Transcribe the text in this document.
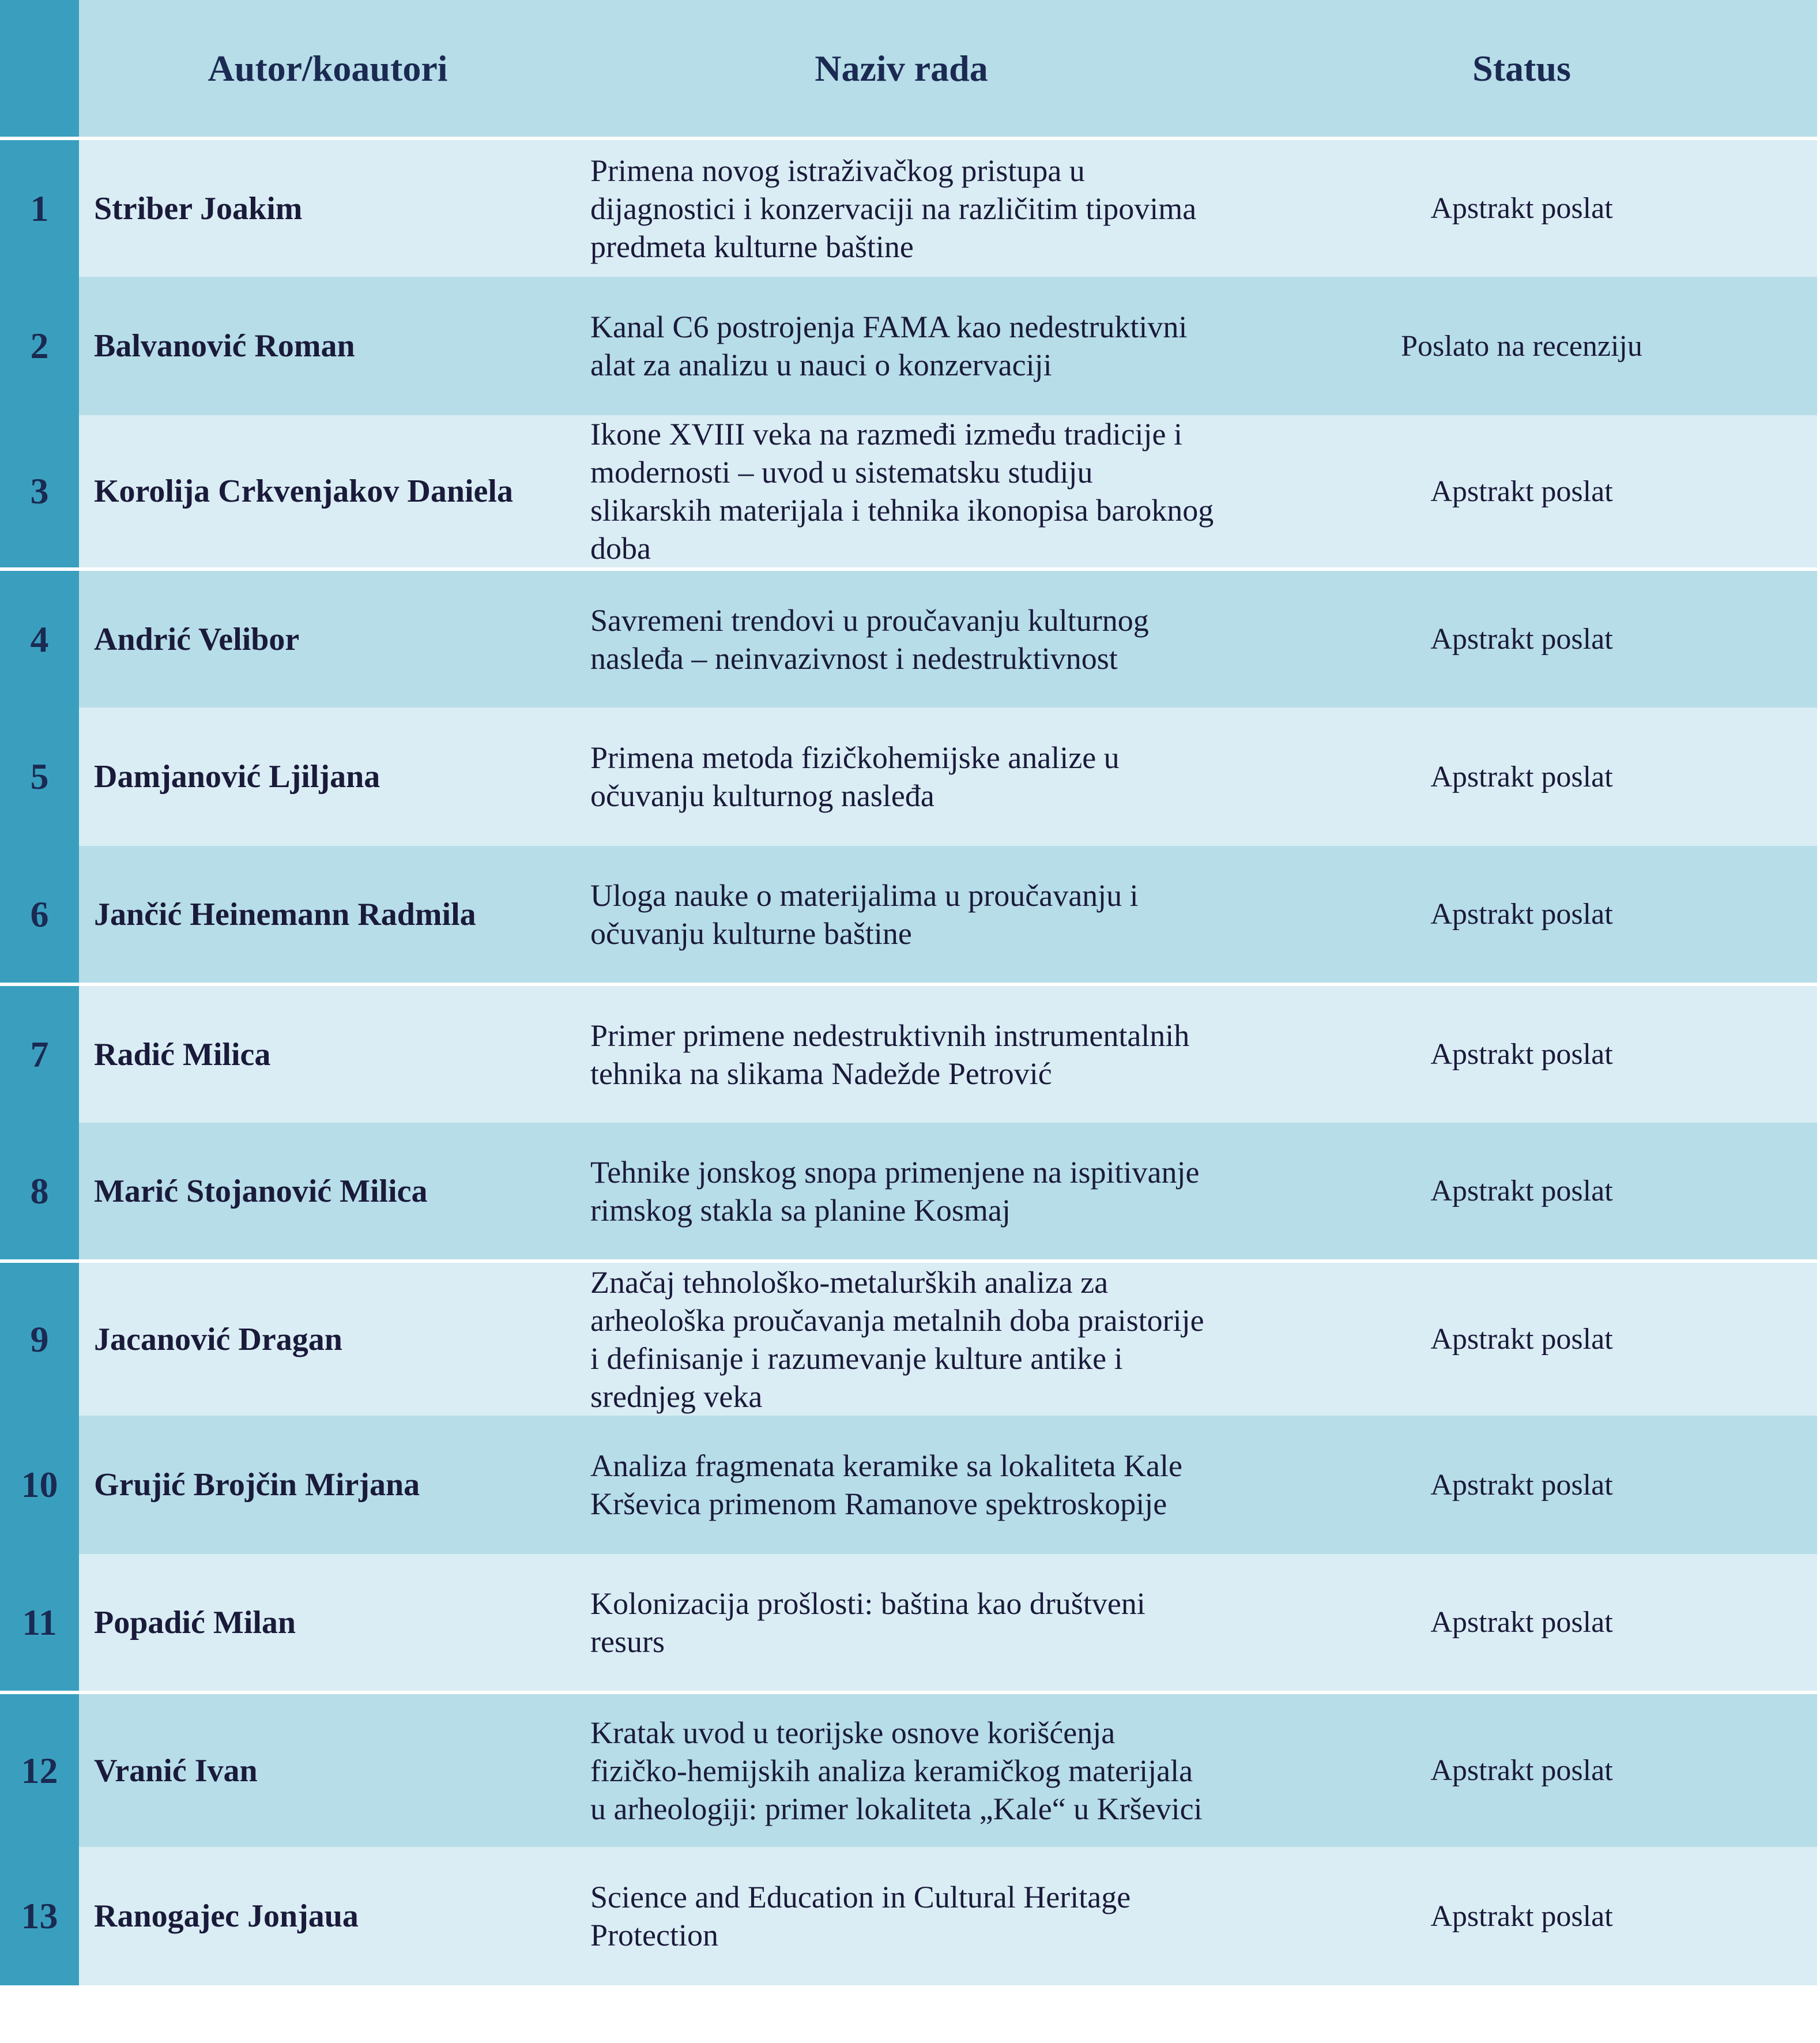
	Autor/koautori	Naziv rada	Status
1	Striber Joakim	Primena novog istraživačkog pristupa u dijagnostici i konzervaciji na različitim tipovima predmeta kulturne baštine	Apstrakt poslat
2	Balvanović Roman	Kanal C6 postrojenja FAMA kao nedestruktivni alat za analizu u nauci o konzervaciji	Poslato na recenziju
3	Korolija Crkvenjakov Daniela	Ikone XVIII veka na razmeđi između tradicije i modernosti – uvod u sistematsku studiju slikarskih materijala i tehnika ikonopisa baroknog doba	Apstrakt poslat
4	Andrić Velibor	Savremeni trendovi u proučavanju kulturnog nasleđa – neinvazivnost i nedestruktivnost	Apstrakt poslat
5	Damjanović Ljiljana	Primena metoda fizičkohemijske analize u očuvanju kulturnog nasleđa	Apstrakt poslat
6	Jančić Heinemann Radmila	Uloga nauke o materijalima u proučavanju i očuvanju kulturne baštine	Apstrakt poslat
7	Radić Milica	Primer primene nedestruktivnih instrumentalnih tehnika na slikama Nadežde Petrović	Apstrakt poslat
8	Marić Stojanović Milica	Tehnike jonskog snopa primenjene na ispitivanje rimskog stakla sa planine Kosmaj	Apstrakt poslat
9	Jacanović Dragan	Značaj tehnološko-metalurških analiza za arheološka proučavanja metalnih doba praistorije i definisanje i razumevanje kulture antike i srednjeg veka	Apstrakt poslat
10	Grujić Brojčin Mirjana	Analiza fragmenata keramike sa lokaliteta Kale Krševica primenom Ramanove spektroskopije	Apstrakt poslat
11	Popadić Milan	Kolonizacija prošlosti: baština kao društveni resurs	Apstrakt poslat
12	Vranić Ivan	Kratak uvod u teorijske osnove korišćenja fizičko-hemijskih analiza keramičkog materijala u arheologiji: primer lokaliteta „Kale“ u Krševici	Apstrakt poslat
13	Ranogajec Jonjaua	Science and Education in Cultural Heritage Protection	Apstrakt poslat
